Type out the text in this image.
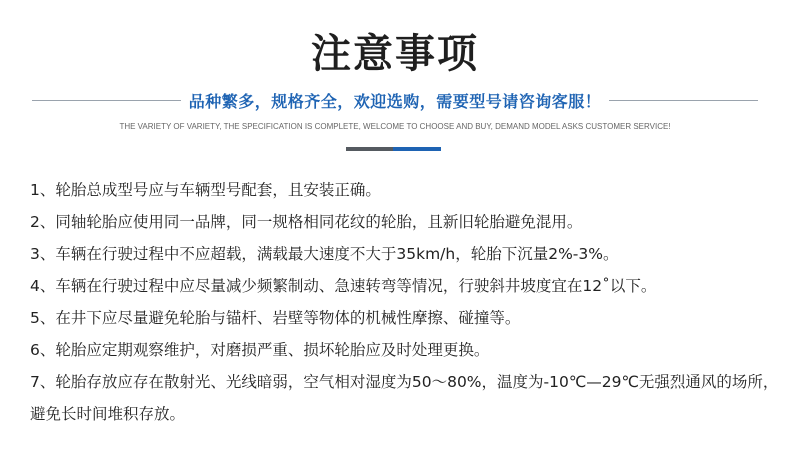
注意事项
品种繁多，规格齐全，欢迎选购，需要型号请咨询客服！
THE VARIETY OF VARIETY, THE SPECIFICATION IS COMPLETE, WELCOME TO CHOOSE AND BUY, DEMAND MODEL ASKS CUSTOMER SERVICE!
1、轮胎总成型号应与车辆型号配套，且安装正确。
2、同轴轮胎应使用同一品牌，同一规格相同花纹的轮胎，且新旧轮胎避免混用。
3、车辆在行驶过程中不应超载，满载最大速度不大于35km/h，轮胎下沉量2%-3%。
4、车辆在行驶过程中应尽量减少频繁制动、急速转弯等情况，行驶斜井坡度宜在12˚以下。
5、在井下应尽量避免轮胎与锚杆、岩壁等物体的机械性摩擦、碰撞等。
6、轮胎应定期观察维护，对磨损严重、损坏轮胎应及时处理更换。
7、轮胎存放应存在散射光、光线暗弱，空气相对湿度为50～80%，温度为-10℃—29℃无强烈通风的场所，避免长时间堆积存放。
